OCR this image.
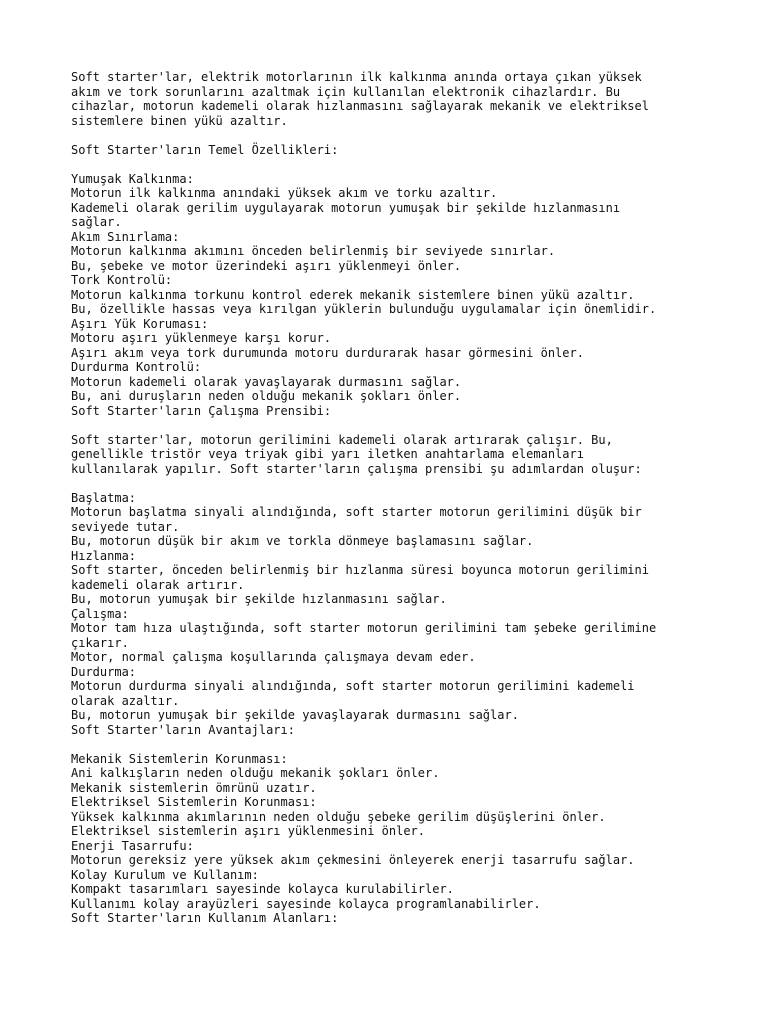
Soft starter'lar, elektrik motorlarının ilk kalkınma anında ortaya çıkan yüksek
akım ve tork sorunlarını azaltmak için kullanılan elektronik cihazlardır. Bu
cihazlar, motorun kademeli olarak hızlanmasını sağlayarak mekanik ve elektriksel
sistemlere binen yükü azaltır.
Soft Starter'ların Temel Özellikleri:
Yumuşak Kalkınma:
Motorun ilk kalkınma anındaki yüksek akım ve torku azaltır.
Kademeli olarak gerilim uygulayarak motorun yumuşak bir şekilde hızlanmasını
sağlar.
Akım Sınırlama:
Motorun kalkınma akımını önceden belirlenmiş bir seviyede sınırlar.
Bu, şebeke ve motor üzerindeki aşırı yüklenmeyi önler.
Tork Kontrolü:
Motorun kalkınma torkunu kontrol ederek mekanik sistemlere binen yükü azaltır.
Bu, özellikle hassas veya kırılgan yüklerin bulunduğu uygulamalar için önemlidir.
Aşırı Yük Koruması:
Motoru aşırı yüklenmeye karşı korur.
Aşırı akım veya tork durumunda motoru durdurarak hasar görmesini önler.
Durdurma Kontrolü:
Motorun kademeli olarak yavaşlayarak durmasını sağlar.
Bu, ani duruşların neden olduğu mekanik şokları önler.
Soft Starter'ların Çalışma Prensibi:
Soft starter'lar, motorun gerilimini kademeli olarak artırarak çalışır. Bu,
genellikle tristör veya triyak gibi yarı iletken anahtarlama elemanları
kullanılarak yapılır. Soft starter'ların çalışma prensibi şu adımlardan oluşur:
Başlatma:
Motorun başlatma sinyali alındığında, soft starter motorun gerilimini düşük bir
seviyede tutar.
Bu, motorun düşük bir akım ve torkla dönmeye başlamasını sağlar.
Hızlanma:
Soft starter, önceden belirlenmiş bir hızlanma süresi boyunca motorun gerilimini
kademeli olarak artırır.
Bu, motorun yumuşak bir şekilde hızlanmasını sağlar.
Çalışma:
Motor tam hıza ulaştığında, soft starter motorun gerilimini tam şebeke gerilimine
çıkarır.
Motor, normal çalışma koşullarında çalışmaya devam eder.
Durdurma:
Motorun durdurma sinyali alındığında, soft starter motorun gerilimini kademeli
olarak azaltır.
Bu, motorun yumuşak bir şekilde yavaşlayarak durmasını sağlar.
Soft Starter'ların Avantajları:
Mekanik Sistemlerin Korunması:
Ani kalkışların neden olduğu mekanik şokları önler.
Mekanik sistemlerin ömrünü uzatır.
Elektriksel Sistemlerin Korunması:
Yüksek kalkınma akımlarının neden olduğu şebeke gerilim düşüşlerini önler.
Elektriksel sistemlerin aşırı yüklenmesini önler.
Enerji Tasarrufu:
Motorun gereksiz yere yüksek akım çekmesini önleyerek enerji tasarrufu sağlar.
Kolay Kurulum ve Kullanım:
Kompakt tasarımları sayesinde kolayca kurulabilirler.
Kullanımı kolay arayüzleri sayesinde kolayca programlanabilirler.
Soft Starter'ların Kullanım Alanları:
